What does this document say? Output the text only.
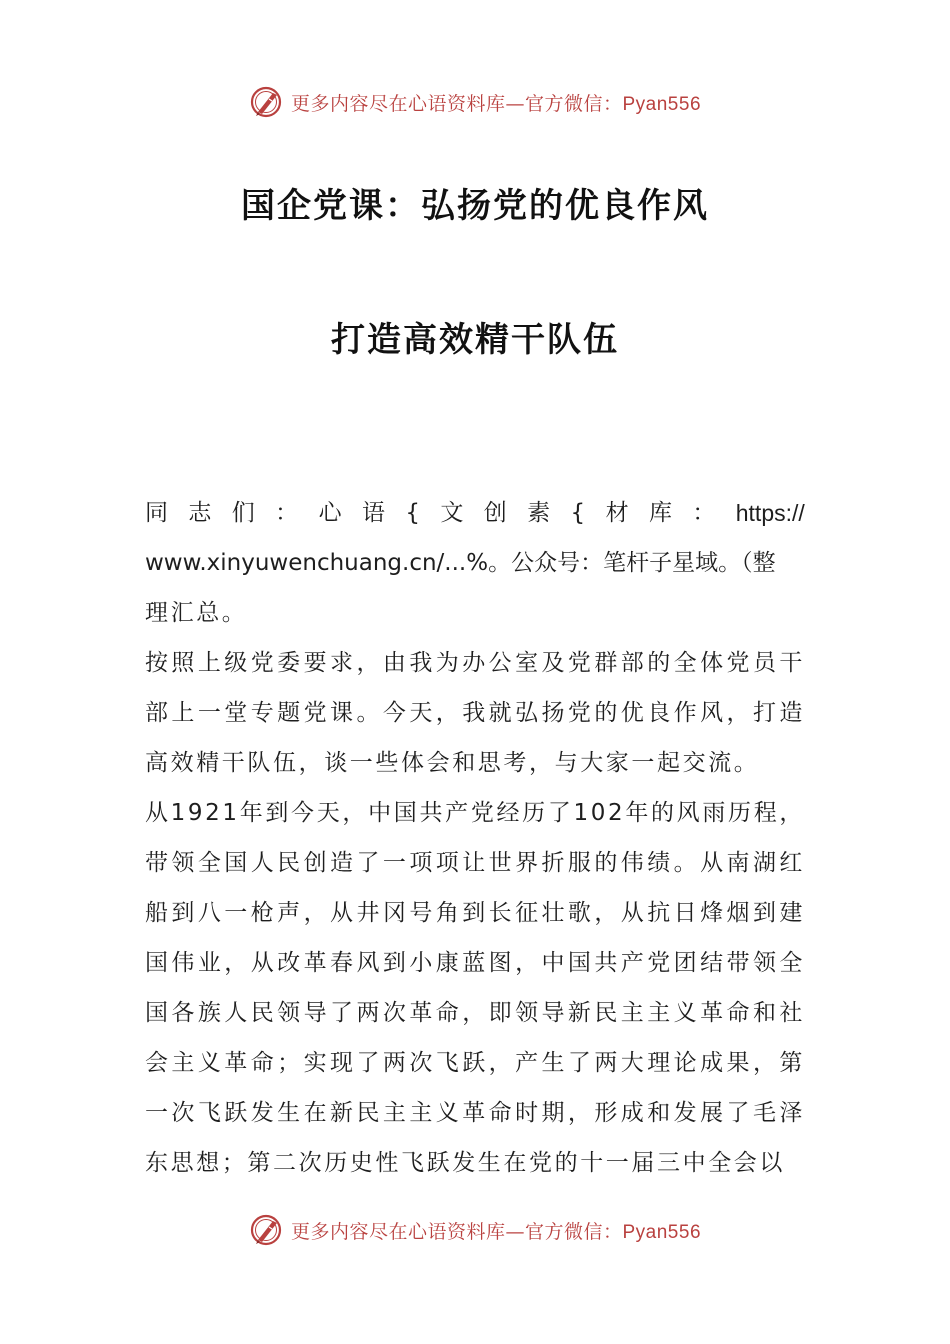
更多内容尽在心语资料库—官方微信：Pyan556
国企党课：弘扬党的优良作风
打造高效精干队伍
同 志 们 ： 心 语 { 文 创 素 { 材 库 ： https://

www.xinyuwenchuang.cn/...%。公众号：笔杆子星域。（整

理汇总。

按照上级党委要求，由我为办公室及党群部的全体党员干部上一堂专题党课。今天，我就弘扬党的优良作风，打造高效精干队伍，谈一些体会和思考，与大家一起交流。

从1921年到今天，中国共产党经历了102年的风雨历程，带领全国人民创造了一项项让世界折服的伟绩。从南湖红船到八一枪声，从井冈号角到长征壮歌，从抗日烽烟到建国伟业，从改革春风到小康蓝图，中国共产党团结带领全国各族人民领导了两次革命，即领导新民主主义革命和社会主义革命；实现了两次飞跃，产生了两大理论成果，第一次飞跃发生在新民主主义革命时期，形成和发展了毛泽东思想；第二次历史性飞跃发生在党的十一届三中全会以

更多内容尽在心语资料库—官方微信：Pyan556
